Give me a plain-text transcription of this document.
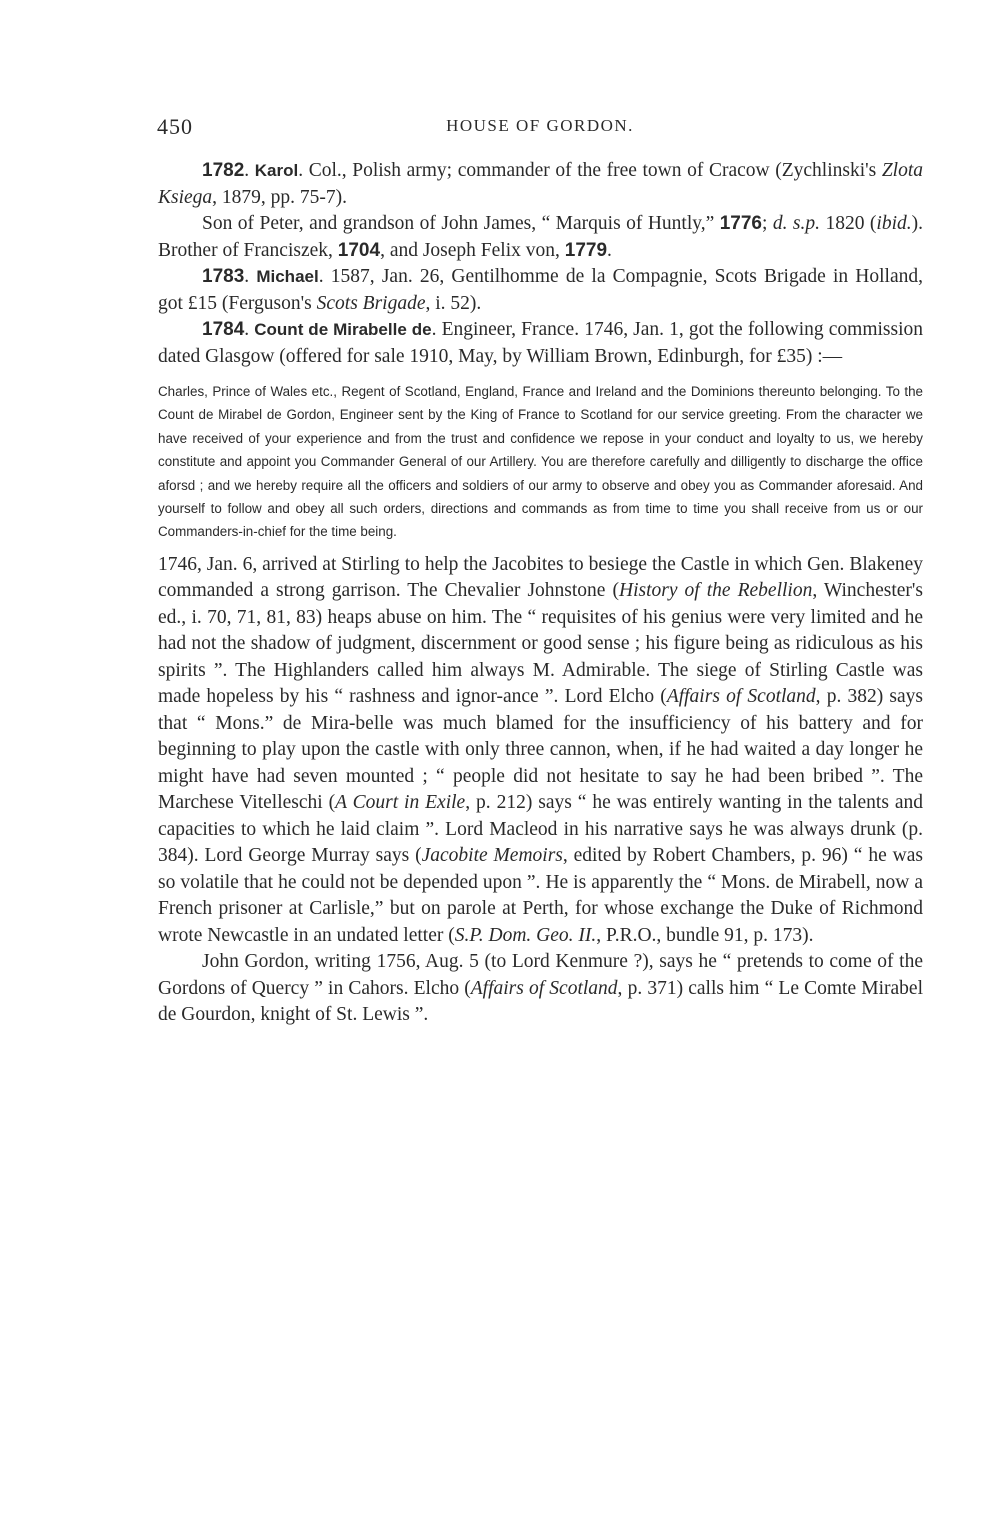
450	HOUSE OF GORDON.

1782. Karol. Col., Polish army; commander of the free town of Cracow (Zychlinski's Zlota Ksiega, 1879, pp. 75-7).

Son of Peter, and grandson of John James, “ Marquis of Huntly,” 1776; d. s.p. 1820 (ibid.). Brother of Franciszek, 1704, and Joseph Felix von, 1779.

1783. Michael. 1587, Jan. 26, Gentilhomme de la Compagnie, Scots Brigade in Holland, got £15 (Ferguson's Scots Brigade, i. 52).

1784. Count de Mirabelle de. Engineer, France. 1746, Jan. 1, got the following commission dated Glasgow (offered for sale 1910, May, by William Brown, Edinburgh, for £35) :—

Charles, Prince of Wales etc., Regent of Scotland, England, France and Ireland and the Dominions thereunto belonging. To the Count de Mirabel de Gordon, Engineer sent by the King of France to Scotland for our service greeting. From the character we have received of your experience and from the trust and confidence we repose in your conduct and loyalty to us, we hereby constitute and appoint you Commander General of our Artillery. You are therefore carefully and dilligently to discharge the office aforsd ; and we hereby require all the officers and soldiers of our army to observe and obey you as Commander aforesaid. And yourself to follow and obey all such orders, directions and commands as from time to time you shall receive from us or our Commanders-in-chief for the time being.

1746, Jan. 6, arrived at Stirling to help the Jacobites to besiege the Castle in which Gen. Blakeney commanded a strong garrison. The Chevalier Johnstone (History of the Rebellion, Winchester's ed., i. 70, 71, 81, 83) heaps abuse on him. The “ requisites of his genius were very limited and he had not the shadow of judgment, discernment or good sense ; his figure being as ridiculous as his spirits ”. The Highlanders called him always M. Admirable. The siege of Stirling Castle was made hopeless by his “ rashness and ignor-ance ”. Lord Elcho (Affairs of Scotland, p. 382) says that “ Mons.” de Mira-belle was much blamed for the insufficiency of his battery and for beginning to play upon the castle with only three cannon, when, if he had waited a day longer he might have had seven mounted ; “ people did not hesitate to say he had been bribed ”. The Marchese Vitelleschi (A Court in Exile, p. 212) says “ he was entirely wanting in the talents and capacities to which he laid claim ”. Lord Macleod in his narrative says he was always drunk (p. 384). Lord George Murray says (Jacobite Memoirs, edited by Robert Chambers, p. 96) “ he was so volatile that he could not be depended upon ”. He is apparently the “ Mons. de Mirabell, now a French prisoner at Carlisle,” but on parole at Perth, for whose exchange the Duke of Richmond wrote Newcastle in an undated letter (S.P. Dom. Geo. II., P.R.O., bundle 91, p. 173).

John Gordon, writing 1756, Aug. 5 (to Lord Kenmure ?), says he “ pretends to come of the Gordons of Quercy ” in Cahors. Elcho (Affairs of Scotland, p. 371) calls him “ Le Comte Mirabel de Gourdon, knight of St. Lewis ”.
